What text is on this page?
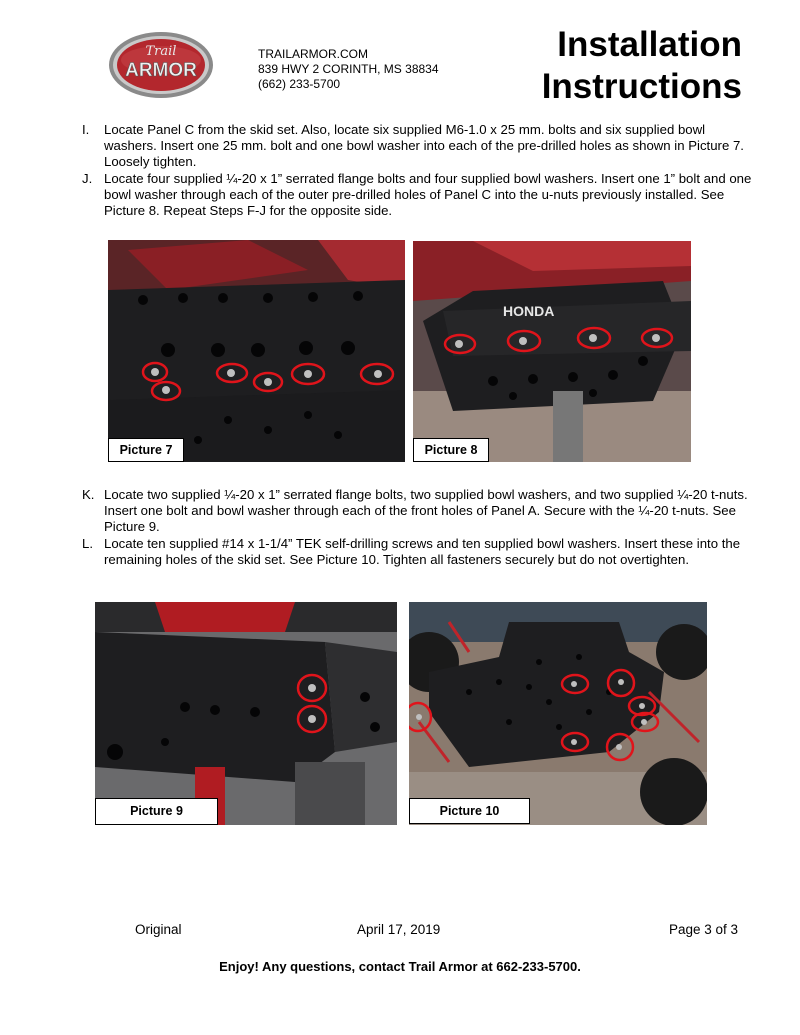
Trail
ARMOR
TRAILARMOR.COM
839 HWY 2 CORINTH, MS 38834
(662) 233-5700
Installation
Instructions
I. Locate Panel C from the skid set. Also, locate six supplied M6-1.0 x 25 mm. bolts and six supplied bowl washers. Insert one 25 mm. bolt and one bowl washer into each of the pre-drilled holes as shown in Picture 7. Loosely tighten.
J. Locate four supplied ¼-20 x 1” serrated flange bolts and four supplied bowl washers. Insert one 1” bolt and one bowl washer through each of the outer pre-drilled holes of Panel C into the u-nuts previously installed. See Picture 8. Repeat Steps F-J for the opposite side.
Picture 7
HONDA
Picture 8
K. Locate two supplied ¼-20 x 1” serrated flange bolts, two supplied bowl washers, and two supplied ¼-20 t-nuts. Insert one bolt and bowl washer through each of the front holes of Panel A. Secure with the ¼-20 t-nuts. See Picture 9.
L. Locate ten supplied #14 x 1-1/4” TEK self-drilling screws and ten supplied bowl washers. Insert these into the remaining holes of the skid set. See Picture 10. Tighten all fasteners securely but do not overtighten.
Picture 9	Picture 10
Original	April 17, 2019	Page 3 of 3
Enjoy! Any questions, contact Trail Armor at 662-233-5700.
